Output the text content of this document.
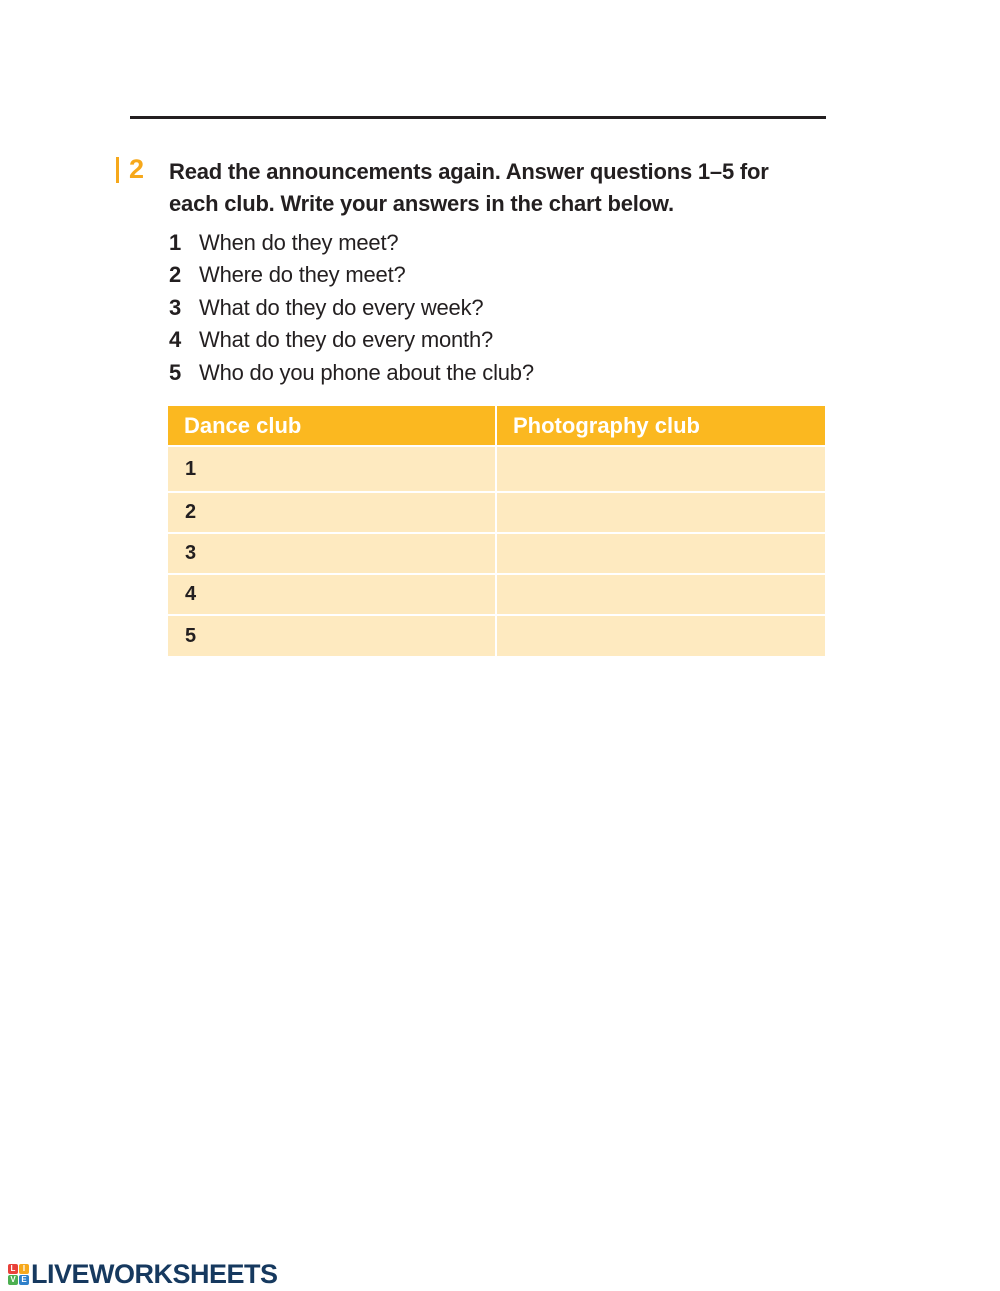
2 Read the announcements again. Answer questions 1–5 for each club. Write your answers in the chart below.
1 When do they meet?
2 Where do they meet?
3 What do they do every week?
4 What do they do every month?
5 Who do you phone about the club?
Dance club	Photography club
1	
2	
3	
4	
5	
L I
V E LIVEWORKSHEETS
